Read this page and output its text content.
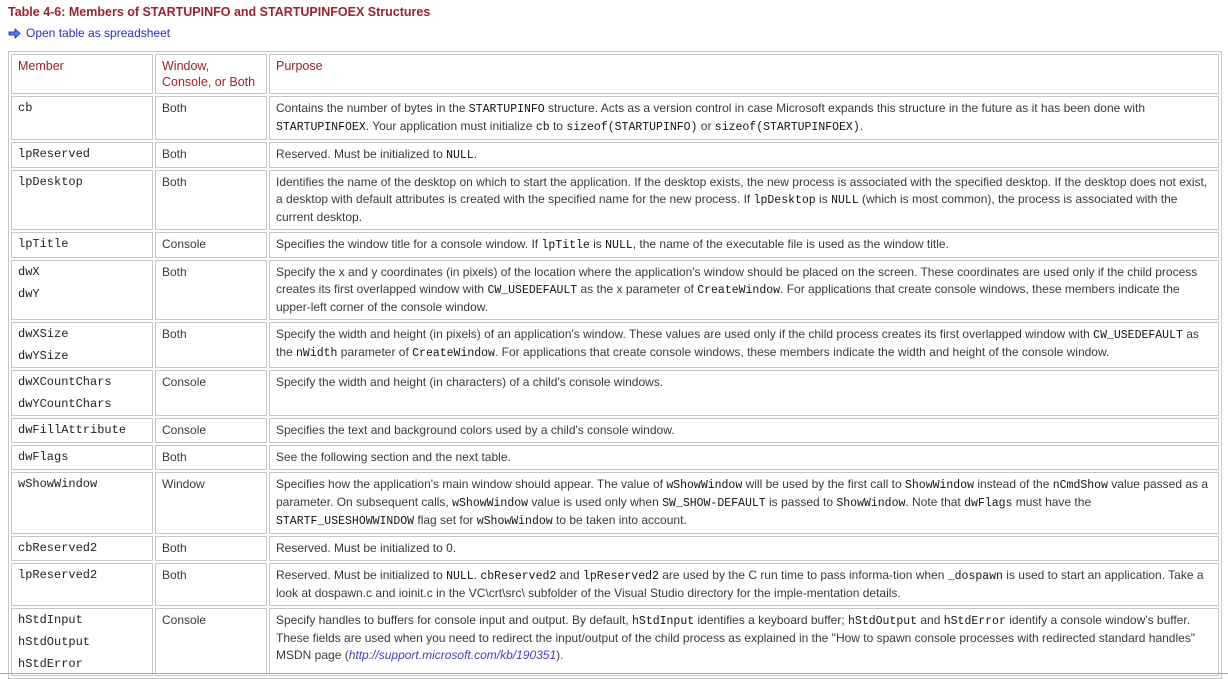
Table 4-6: Members of STARTUPINFO and STARTUPINFOEX Structures
Open table as spreadsheet
Member	Window, Console, or Both	Purpose

cb	Both	Contains the number of bytes in the STARTUPINFO structure. Acts as a version control in case Microsoft expands this structure in the future as it has been done with STARTUPINFOEX. Your application must initialize cb to sizeof(STARTUPINFO) or sizeof(STARTUPINFOEX).

lpReserved	Both	Reserved. Must be initialized to NULL.

lpDesktop	Both	Identifies the name of the desktop on which to start the application. If the desktop exists, the new process is associated with the specified desktop. If the desktop does not exist, a desktop with default attributes is created with the specified name for the new process. If lpDesktop is NULL (which is most common), the process is associated with the current desktop.

lpTitle	Console	Specifies the window title for a console window. If lpTitle is NULL, the name of the executable file is used as the window title.

dwX
dwY	Both	Specify the x and y coordinates (in pixels) of the location where the application's window should be placed on the screen. These coordinates are used only if the child process creates its first overlapped window with CW_USEDEFAULT as the x parameter of CreateWindow. For applications that create console windows, these members indicate the upper-left corner of the console window.

dwXSize
dwYSize	Both	Specify the width and height (in pixels) of an application's window. These values are used only if the child process creates its first overlapped window with CW_USEDEFAULT as the nWidth parameter of CreateWindow. For applications that create console windows, these members indicate the width and height of the console window.

dwXCountChars
dwYCountChars	Console	Specify the width and height (in characters) of a child's console windows.

dwFillAttribute	Console	Specifies the text and background colors used by a child's console window.

dwFlags	Both	See the following section and the next table.

wShowWindow	Window	Specifies how the application's main window should appear. The value of wShowWindow will be used by the first call to ShowWindow instead of the nCmdShow value passed as a parameter. On subsequent calls, wShowWindow value is used only when SW_SHOW-DEFAULT is passed to ShowWindow. Note that dwFlags must have the STARTF_USESHOWWINDOW flag set for wShowWindow to be taken into account.

cbReserved2	Both	Reserved. Must be initialized to 0.

lpReserved2	Both	Reserved. Must be initialized to NULL. cbReserved2 and lpReserved2 are used by the C run time to pass informa-tion when _dospawn is used to start an application. Take a look at dospawn.c and ioinit.c in the VC\crt\src\ subfolder of the Visual Studio directory for the imple-mentation details.

hStdInput
hStdOutput
hStdError
	Console	Specify handles to buffers for console input and output. By default, hStdInput identifies a keyboard buffer; hStdOutput and hStdError identify a console window's buffer. These fields are used when you need to redirect the input/output of the child process as explained in the "How to spawn console processes with redirected standard handles" MSDN page (http://support.microsoft.com/kb/190351).
